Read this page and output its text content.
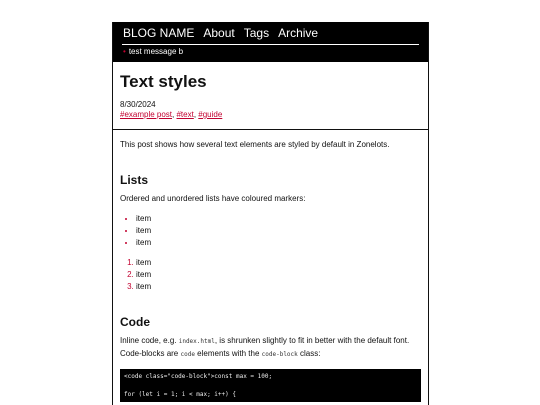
BLOG NAME About Tags Archive
• test message b
Text styles
8/30/2024
#example post, #text, #guide

This post shows how several text elements are styled by default in Zonelots.

Lists

Ordered and unordered lists have coloured markers:

• item
• item
• item
1. item
2. item
3. item
Code

Inline code, e.g. index.html, is shrunken slightly to fit in better with the default font. Code-blocks are code elements with the code-block class:

<code class="code-block">const max = 100;
for (let i = 1; i < max; i++) {
